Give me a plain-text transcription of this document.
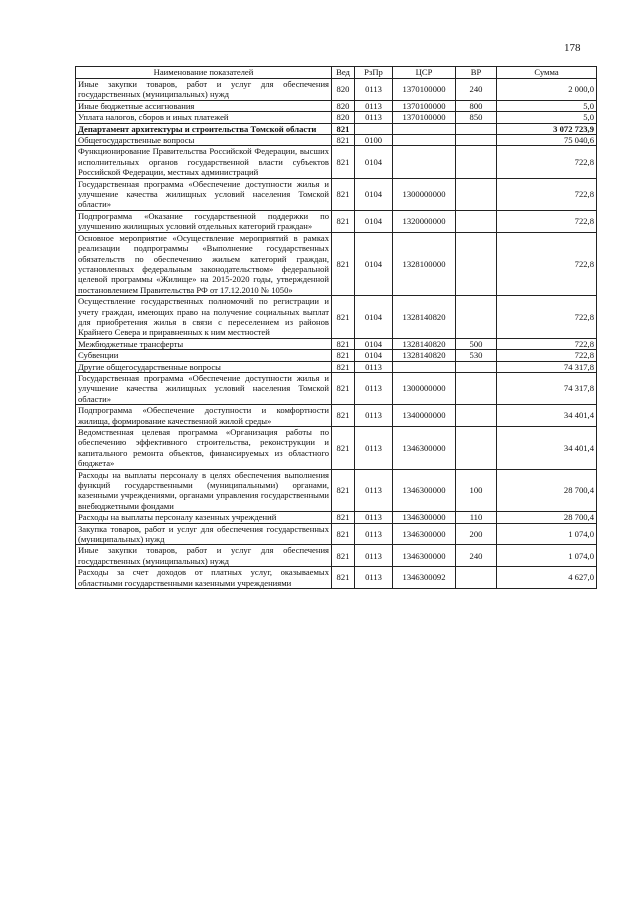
178
Наименование показателей	Вед	РзПр	ЦСР	ВР	Сумма
Иные закупки товаров, работ и услуг для обеспечения государственных (муниципальных) нужд	820	0113	1370100000	240	2 000,0
Иные бюджетные ассигнования	820	0113	1370100000	800	5,0
Уплата налогов, сборов и иных платежей	820	0113	1370100000	850	5,0
Департамент архитектуры и строительства Томской области	821				3 072 723,9
Общегосударственные вопросы	821	0100			75 040,6
Функционирование Правительства Российской Федерации, высших исполнительных органов государственной власти субъектов Российской Федерации, местных администраций	821	0104			722,8
Государственная программа «Обеспечение доступности жилья и улучшение качества жилищных условий населения Томской области»	821	0104	1300000000		722,8
Подпрограмма «Оказание государственной поддержки по улучшению жилищных условий отдельных категорий граждан»	821	0104	1320000000		722,8
Основное мероприятие «Осуществление мероприятий в рамках реализации подпрограммы «Выполнение государственных обязательств по обеспечению жильем категорий граждан, установленных федеральным законодательством» федеральной целевой программы «Жилище» на 2015-2020 годы, утвержденной постановлением Правительства РФ от 17.12.2010 № 1050»	821	0104	1328100000		722,8
Осуществление государственных полномочий по регистрации и учету граждан, имеющих право на получение социальных выплат для приобретения жилья в связи с переселением из районов Крайнего Севера и приравненных к ним местностей	821	0104	1328140820		722,8
Межбюджетные трансферты	821	0104	1328140820	500	722,8
Субвенции	821	0104	1328140820	530	722,8
Другие общегосударственные вопросы	821	0113			74 317,8
Государственная программа «Обеспечение доступности жилья и улучшение качества жилищных условий населения Томской области»	821	0113	1300000000		74 317,8
Подпрограмма «Обеспечение доступности и комфортности жилища, формирование качественной жилой среды»	821	0113	1340000000		34 401,4
Ведомственная целевая программа «Организация работы по обеспечению эффективного строительства, реконструкции и капитального ремонта объектов, финансируемых из областного бюджета»	821	0113	1346300000		34 401,4
Расходы на выплаты персоналу в целях обеспечения выполнения функций государственными (муниципальными) органами, казенными учреждениями, органами управления государственными внебюджетными фондами	821	0113	1346300000	100	28 700,4
Расходы на выплаты персоналу казенных учреждений	821	0113	1346300000	110	28 700,4
Закупка товаров, работ и услуг для обеспечения государственных (муниципальных) нужд	821	0113	1346300000	200	1 074,0
Иные закупки товаров, работ и услуг для обеспечения государственных (муниципальных) нужд	821	0113	1346300000	240	1 074,0
Расходы за счет доходов от платных услуг, оказываемых областными государственными казенными учреждениями	821	0113	1346300092		4 627,0
